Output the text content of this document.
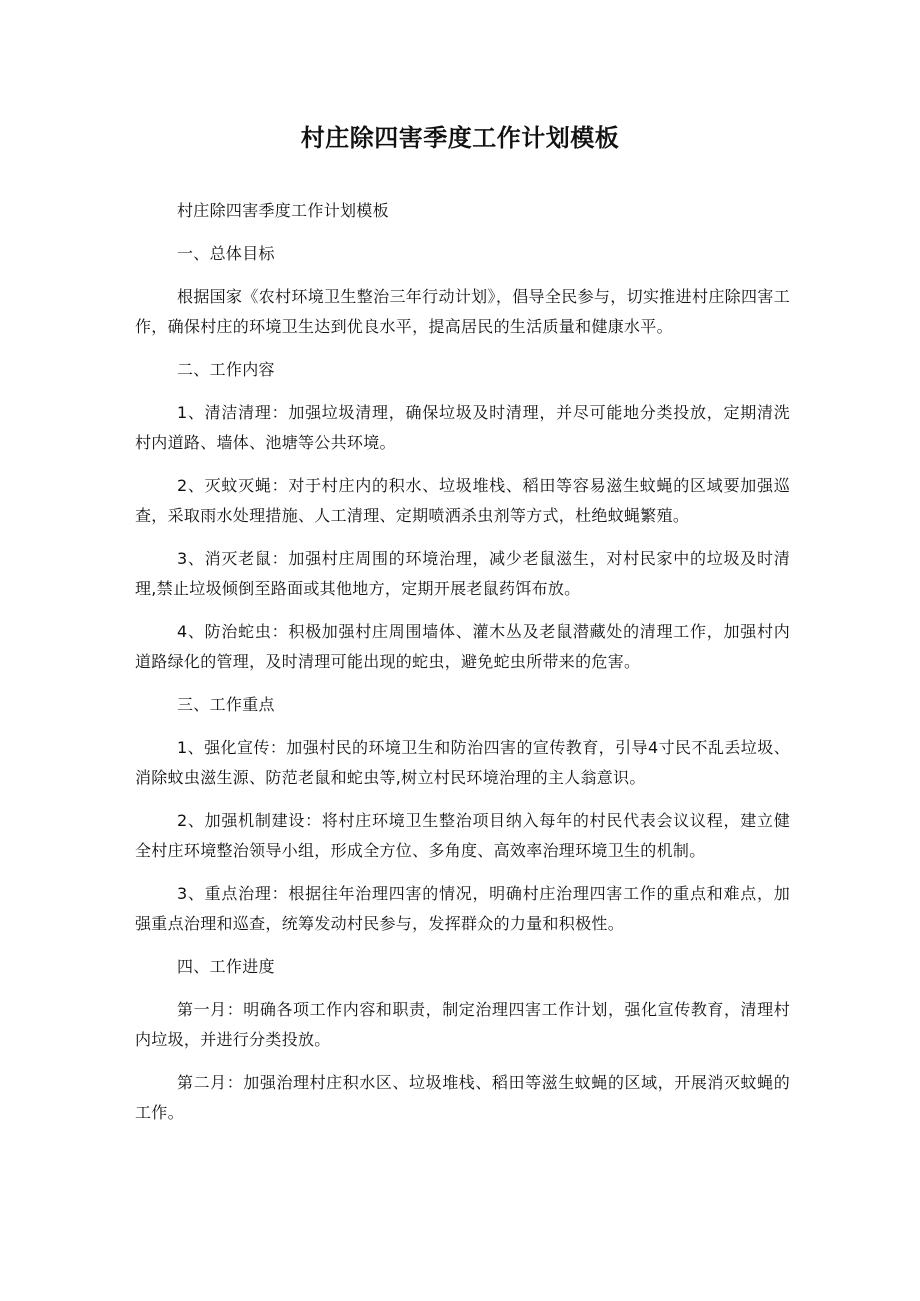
村庄除四害季度工作计划模板

村庄除四害季度工作计划模板

一、总体目标

根据国家《农村环境卫生整治三年行动计划》，倡导全民参与，切实推进村庄除四害工作，确保村庄的环境卫生达到优良水平，提高居民的生活质量和健康水平。

二、工作内容

1、清洁清理：加强垃圾清理，确保垃圾及时清理，并尽可能地分类投放，定期清洗村内道路、墙体、池塘等公共环境。

2、灭蚊灭蝇：对于村庄内的积水、垃圾堆栈、稻田等容易滋生蚊蝇的区域要加强巡查，采取雨水处理措施、人工清理、定期喷洒杀虫剂等方式，杜绝蚊蝇繁殖。

3、消灭老鼠：加强村庄周围的环境治理，减少老鼠滋生，对村民家中的垃圾及时清理,禁止垃圾倾倒至路面或其他地方，定期开展老鼠药饵布放。

4、防治蛇虫：积极加强村庄周围墙体、灌木丛及老鼠潜藏处的清理工作，加强村内道路绿化的管理，及时清理可能出现的蛇虫，避免蛇虫所带来的危害。

三、工作重点

1、强化宣传：加强村民的环境卫生和防治四害的宣传教育，引导4寸民不乱丢垃圾、消除蚊虫滋生源、防范老鼠和蛇虫等,树立村民环境治理的主人翁意识。

2、加强机制建设：将村庄环境卫生整治项目纳入每年的村民代表会议议程，建立健全村庄环境整治领导小组，形成全方位、多角度、高效率治理环境卫生的机制。

3、重点治理：根据往年治理四害的情况，明确村庄治理四害工作的重点和难点，加强重点治理和巡查，统筹发动村民参与，发挥群众的力量和积极性。

四、工作进度

第一月：明确各项工作内容和职责，制定治理四害工作计划，强化宣传教育，清理村内垃圾，并进行分类投放。

第二月：加强治理村庄积水区、垃圾堆栈、稻田等滋生蚊蝇的区域，开展消灭蚊蝇的工作。
